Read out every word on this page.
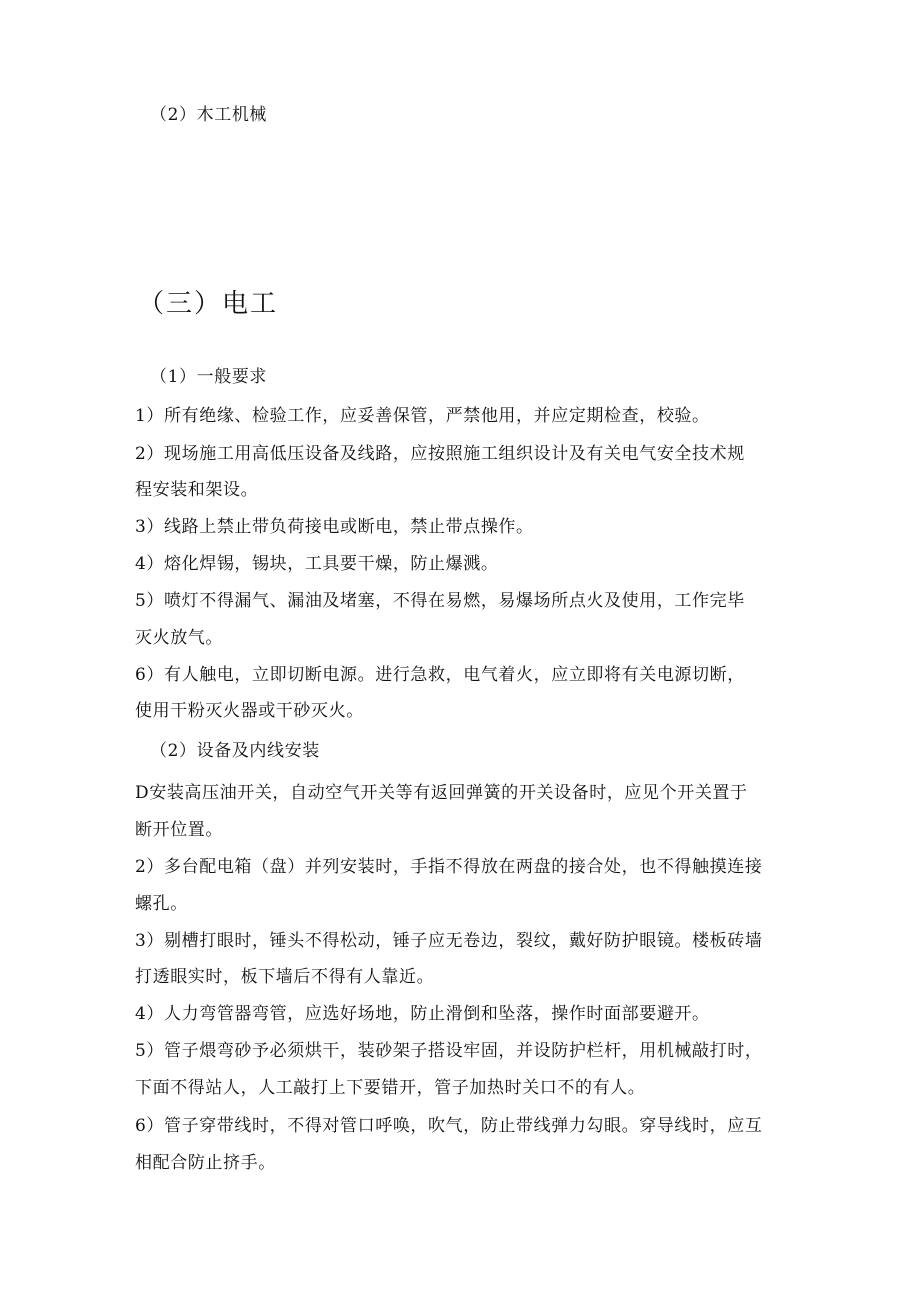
（2）木工机械
（三）电工
（1）一般要求
1）所有绝缘、检验工作，应妥善保管，严禁他用，并应定期检查，校验。
2）现场施工用高低压设备及线路，应按照施工组织设计及有关电气安全技术规
程安装和架设。
3）线路上禁止带负荷接电或断电，禁止带点操作。
4）熔化焊锡，锡块，工具要干燥，防止爆溅。
5）喷灯不得漏气、漏油及堵塞，不得在易燃，易爆场所点火及使用，工作完毕
灭火放气。
6）有人触电，立即切断电源。进行急救，电气着火，应立即将有关电源切断，
使用干粉灭火器或干砂灭火。
（2）设备及内线安装
D安装高压油开关，自动空气开关等有返回弹簧的开关设备时，应见个开关置于
断开位置。
2）多台配电箱（盘）并列安装时，手指不得放在两盘的接合处，也不得触摸连接
螺孔。
3）剔槽打眼时，锤头不得松动，锤子应无卷边，裂纹，戴好防护眼镜。楼板砖墙
打透眼实时，板下墙后不得有人靠近。
4）人力弯管器弯管，应选好场地，防止滑倒和坠落，操作时面部要避开。
5）管子煨弯砂予必须烘干，装砂架子搭设牢固，并设防护栏杆，用机械敲打时，
下面不得站人，人工敲打上下要错开，管子加热时关口不的有人。
6）管子穿带线时，不得对管口呼唤，吹气，防止带线弹力勾眼。穿导线时，应互
相配合防止挤手。
